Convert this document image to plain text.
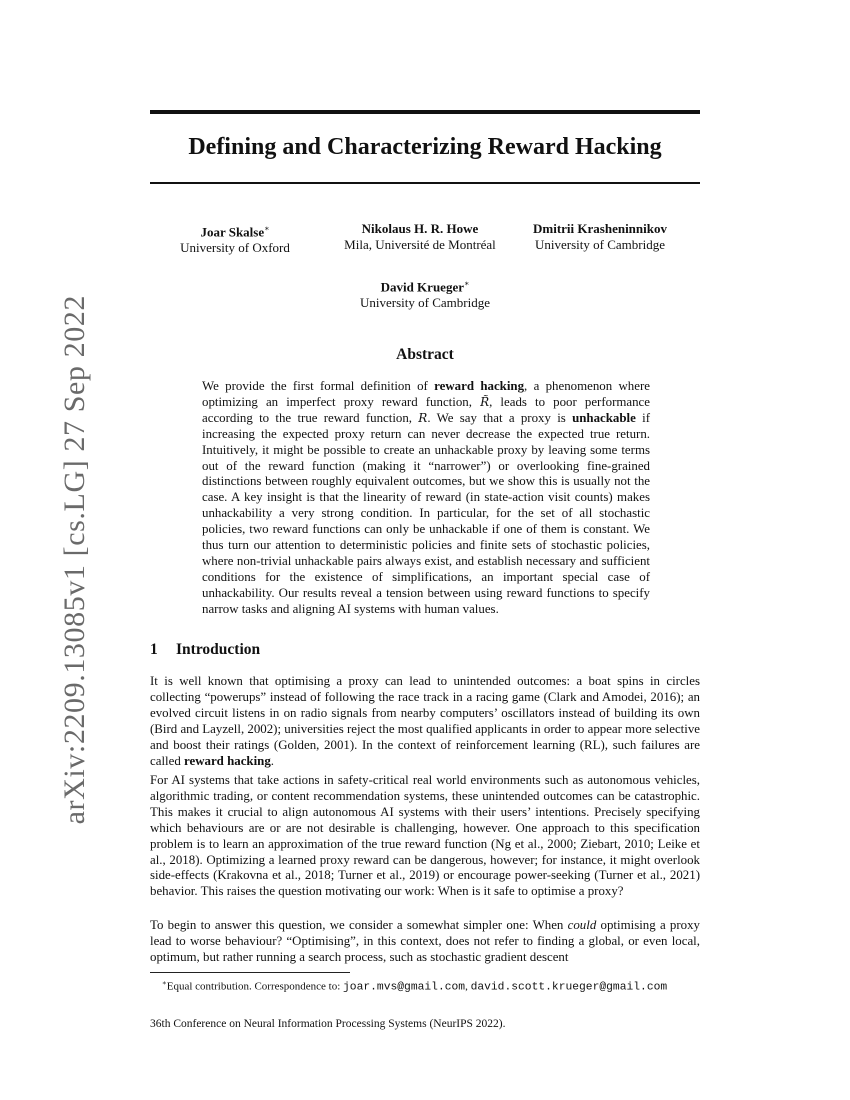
arXiv:2209.13085v1 [cs.LG] 27 Sep 2022
Defining and Characterizing Reward Hacking
Joar Skalse∗
University of Oxford
Nikolaus H. R. Howe
Mila, Université de Montréal
Dmitrii Krasheninnikov
University of Cambridge
David Krueger∗
University of Cambridge
Abstract

We provide the first formal definition of reward hacking, a phenomenon where optimizing an imperfect proxy reward function, R̃, leads to poor performance according to the true reward function, R. We say that a proxy is unhackable if increasing the expected proxy return can never decrease the expected true return. Intuitively, it might be possible to create an unhackable proxy by leaving some terms out of the reward function (making it “narrower”) or overlooking fine-grained distinctions between roughly equivalent outcomes, but we show this is usually not the case. A key insight is that the linearity of reward (in state-action visit counts) makes unhackability a very strong condition. In particular, for the set of all stochastic policies, two reward functions can only be unhackable if one of them is constant. We thus turn our attention to deterministic policies and finite sets of stochastic policies, where non-trivial unhackable pairs always exist, and establish necessary and sufficient conditions for the existence of simplifications, an important special case of unhackability. Our results reveal a tension between using reward functions to specify narrow tasks and aligning AI systems with human values.

1 Introduction

It is well known that optimising a proxy can lead to unintended outcomes: a boat spins in circles collecting “powerups” instead of following the race track in a racing game (Clark and Amodei, 2016); an evolved circuit listens in on radio signals from nearby computers’ oscillators instead of building its own (Bird and Layzell, 2002); universities reject the most qualified applicants in order to appear more selective and boost their ratings (Golden, 2001). In the context of reinforcement learning (RL), such failures are called reward hacking.

For AI systems that take actions in safety-critical real world environments such as autonomous vehicles, algorithmic trading, or content recommendation systems, these unintended outcomes can be catastrophic. This makes it crucial to align autonomous AI systems with their users’ intentions. Precisely specifying which behaviours are or are not desirable is challenging, however. One approach to this specification problem is to learn an approximation of the true reward function (Ng et al., 2000; Ziebart, 2010; Leike et al., 2018). Optimizing a learned proxy reward can be dangerous, however; for instance, it might overlook side-effects (Krakovna et al., 2018; Turner et al., 2019) or encourage power-seeking (Turner et al., 2021) behavior. This raises the question motivating our work: When is it safe to optimise a proxy?

To begin to answer this question, we consider a somewhat simpler one: When could optimising a proxy lead to worse behaviour? “Optimising”, in this context, does not refer to finding a global, or even local, optimum, but rather running a search process, such as stochastic gradient descent

∗Equal contribution. Correspondence to: joar.mvs@gmail.com, david.scott.krueger@gmail.com

36th Conference on Neural Information Processing Systems (NeurIPS 2022).
